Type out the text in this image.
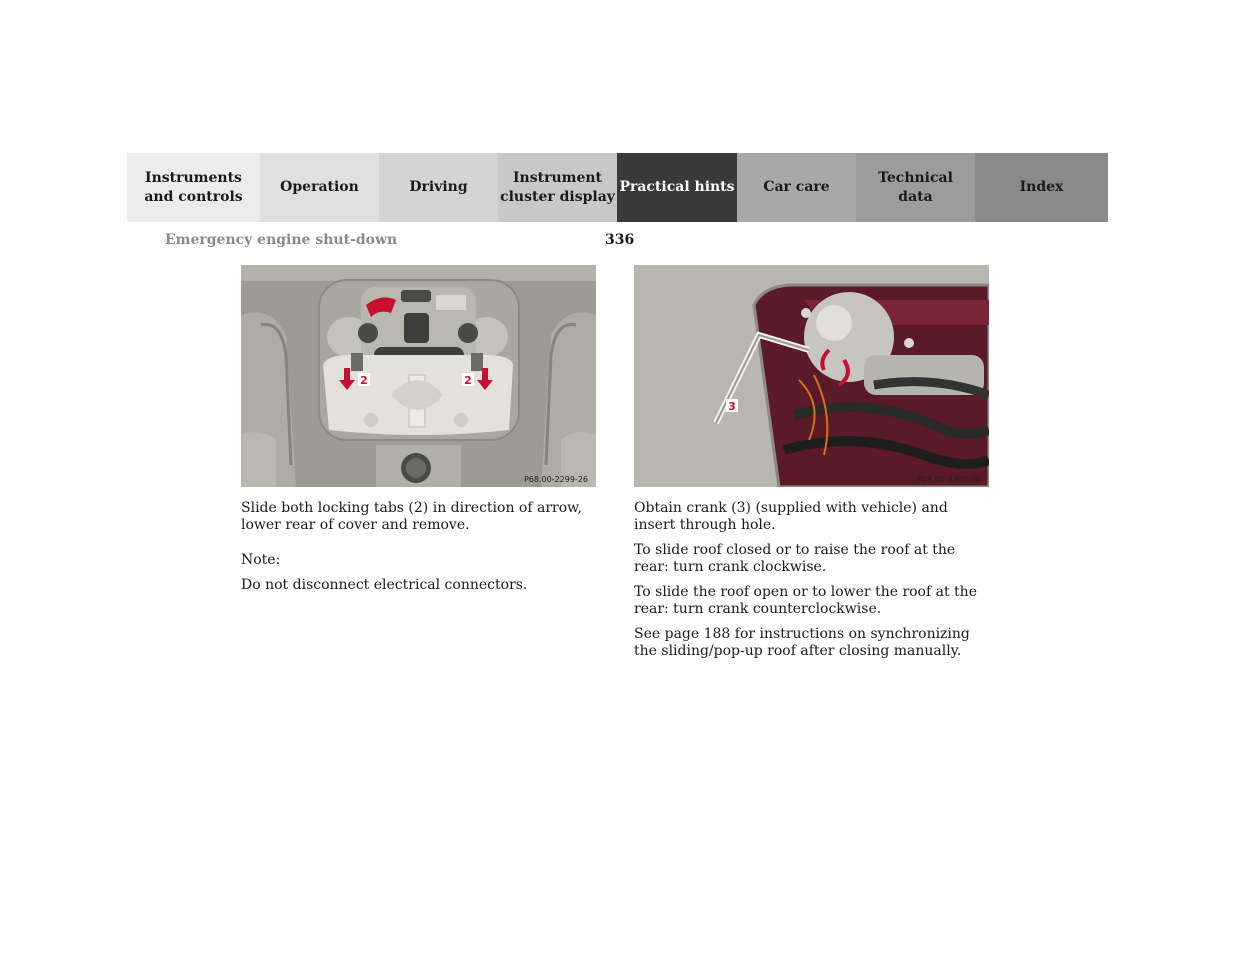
Instruments
and controls
Operation	Driving
Instrument
cluster display
Practical hints	Car care
Technical
data
Index
Emergency engine shut-down	336
2	2
P68.00-2299-26
3
P68.00-2300-26

Slide both locking tabs (2) in direction of arrow, lower rear of cover and remove.

Note:

Do not disconnect electrical connectors.

Obtain crank (3) (supplied with vehicle) and insert through hole.

To slide roof closed or to raise the roof at the rear: turn crank clockwise.

To slide the roof open or to lower the roof at the rear: turn crank counterclockwise.

See page 188 for instructions on synchronizing the sliding/pop-up roof after closing manually.
